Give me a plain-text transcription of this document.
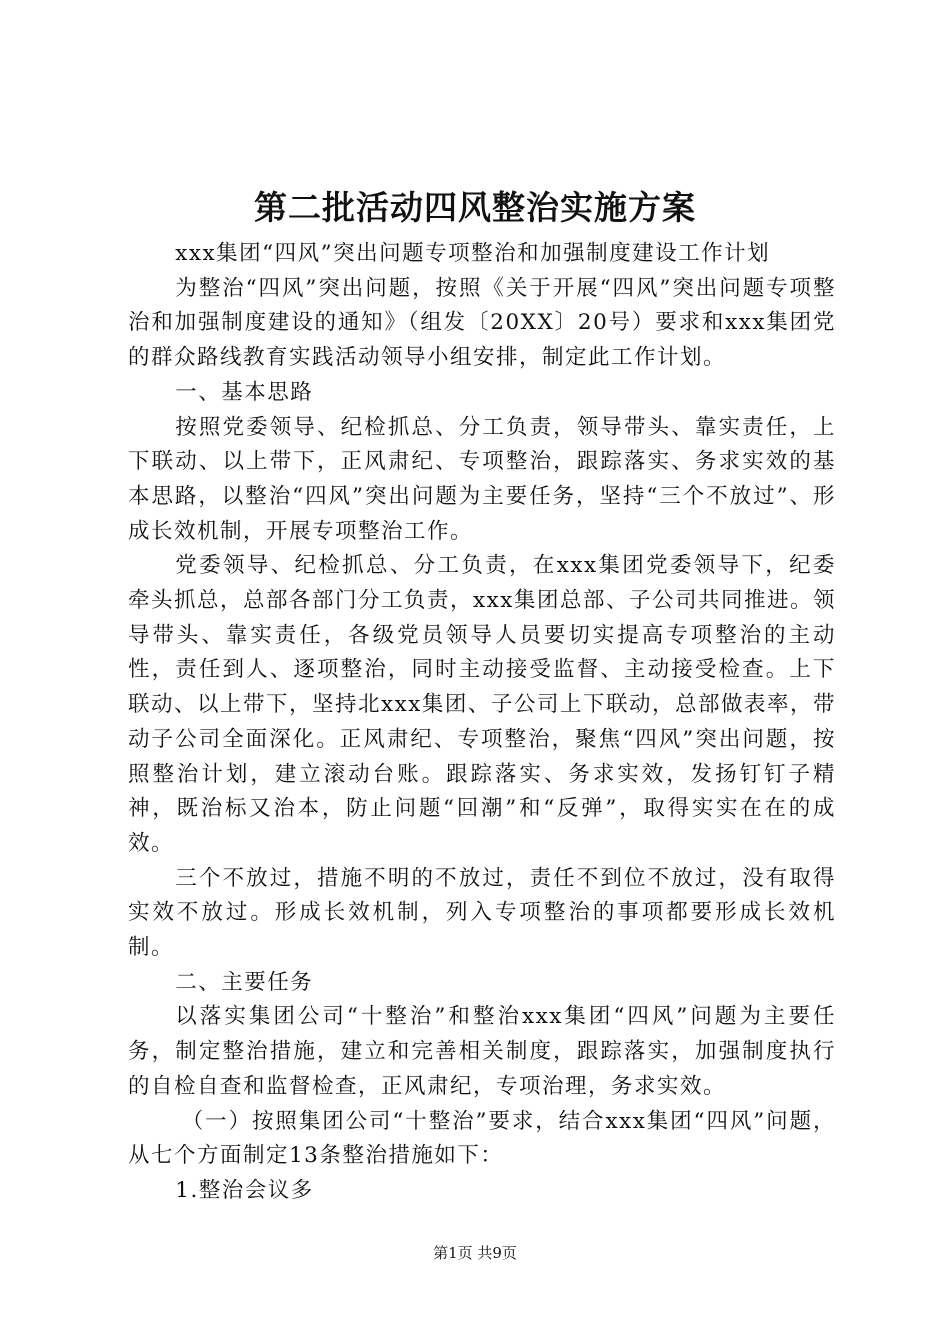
第二批活动四风整治实施方案

xxx集团“四风”突出问题专项整治和加强制度建设工作计划

为整治“四风”突出问题，按照《关于开展“四风”突出问题专项整治和加强制度建设的通知》（组发〔20XX〕20号）要求和xxx集团党的群众路线教育实践活动领导小组安排，制定此工作计划。

一、基本思路

按照党委领导、纪检抓总、分工负责，领导带头、靠实责任，上下联动、以上带下，正风肃纪、专项整治，跟踪落实、务求实效的基本思路，以整治“四风”突出问题为主要任务，坚持“三个不放过”、形成长效机制，开展专项整治工作。

党委领导、纪检抓总、分工负责，在xxx集团党委领导下，纪委牵头抓总，总部各部门分工负责，xxx集团总部、子公司共同推进。领导带头、靠实责任，各级党员领导人员要切实提高专项整治的主动性，责任到人、逐项整治，同时主动接受监督、主动接受检查。上下联动、以上带下，坚持北xxx集团、子公司上下联动，总部做表率，带动子公司全面深化。正风肃纪、专项整治，聚焦“四风”突出问题，按照整治计划，建立滚动台账。跟踪落实、务求实效，发扬钉钉子精神，既治标又治本，防止问题“回潮”和“反弹”，取得实实在在的成效。

三个不放过，措施不明的不放过，责任不到位不放过，没有取得实效不放过。形成长效机制，列入专项整治的事项都要形成长效机制。

二、主要任务

以落实集团公司“十整治”和整治xxx集团“四风”问题为主要任务，制定整治措施，建立和完善相关制度，跟踪落实，加强制度执行的自检自查和监督检查，正风肃纪，专项治理，务求实效。

（一）按照集团公司“十整治”要求，结合xxx集团“四风”问题，从七个方面制定13条整治措施如下：

1.整治会议多

第1页 共9页
